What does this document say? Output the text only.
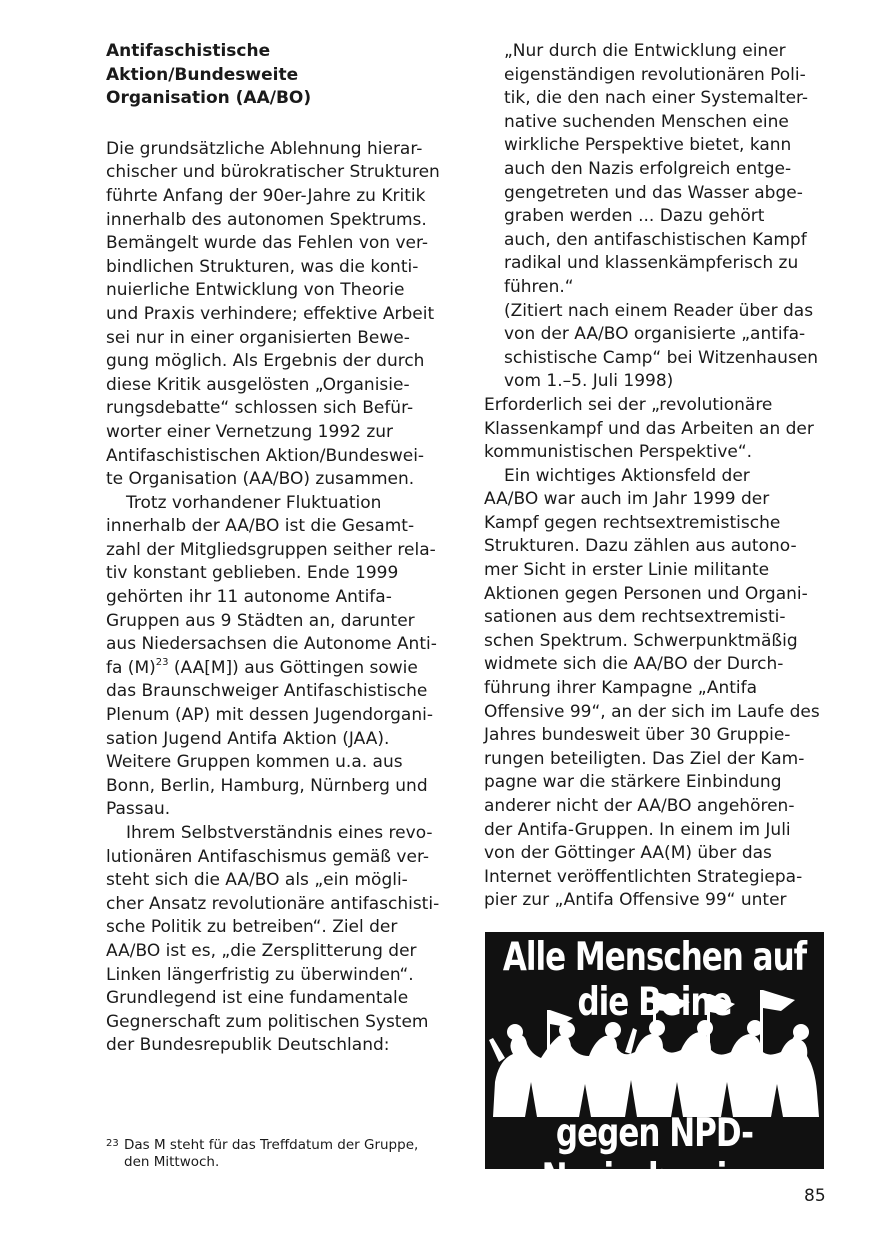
Antifaschistische Aktion/Bundesweite
Organisation (AA/BO)

Die grundsätzliche Ablehnung hierar-
chischer und bürokratischer Strukturen
führte Anfang der 90er-Jahre zu Kritik
innerhalb des autonomen Spektrums.
Bemängelt wurde das Fehlen von ver-
bindlichen Strukturen, was die konti-
nuierliche Entwicklung von Theorie
und Praxis verhindere; effektive Arbeit
sei nur in einer organisierten Bewe-
gung möglich. Als Ergebnis der durch
diese Kritik ausgelösten „Organisie-
rungsdebatte“ schlossen sich Befür-
worter einer Vernetzung 1992 zur
Antifaschistischen Aktion/Bundeswei-
te Organisation (AA/BO) zusammen.

Trotz vorhandener Fluktuation
innerhalb der AA/BO ist die Gesamt-
zahl der Mitgliedsgruppen seither rela-
tiv konstant geblieben. Ende 1999
gehörten ihr 11 autonome Antifa-
Gruppen aus 9 Städten an, darunter
aus Niedersachsen die Autonome Anti-
fa $(M)^{23}$ (AA[M]) aus Göttingen sowie
das Braunschweiger Antifaschistische
Plenum (AP) mit dessen Jugendorgani-
sation Jugend Antifa Aktion (JAA).
Weitere Gruppen kommen u.a. aus
Bonn, Berlin, Hamburg, Nürnberg und
Passau.

Ihrem Selbstverständnis eines revo-
lutionären Antifaschismus gemäß ver-
steht sich die AA/BO als „ein mögli-
cher Ansatz revolutionäre antifaschisti-
sche Politik zu betreiben“. Ziel der
AA/BO ist es, „die Zersplitterung der
Linken längerfristig zu überwinden“.
Grundlegend ist eine fundamentale
Gegnerschaft zum politischen System
der Bundesrepublik Deutschland:

„Nur durch die Entwicklung einer
eigenständigen revolutionären Poli-
tik, die den nach einer Systemalter-
native suchenden Menschen eine
wirkliche Perspektive bietet, kann
auch den Nazis erfolgreich entge-
gengetreten und das Wasser abge-
graben werden ... Dazu gehört
auch, den antifaschistischen Kampf
radikal und klassenkämpferisch zu
führen.“
(Zitiert nach einem Reader über das
von der AA/BO organisierte „antifa-
schistische Camp“ bei Witzenhausen
vom 1.–5. Juli 1998)

Erforderlich sei der „revolutionäre
Klassenkampf und das Arbeiten an der
kommunistischen Perspektive“.

Ein wichtiges Aktionsfeld der
AA/BO war auch im Jahr 1999 der
Kampf gegen rechtsextremistische
Strukturen. Dazu zählen aus autono-
mer Sicht in erster Linie militante
Aktionen gegen Personen und Organi-
sationen aus dem rechtsextremisti-
schen Spektrum. Schwerpunktmäßig
widmete sich die AA/BO der Durch-
führung ihrer Kampagne „Antifa
Offensive 99“, an der sich im Laufe des
Jahres bundesweit über 30 Gruppie-
rungen beteiligten. Das Ziel der Kam-
pagne war die stärkere Einbindung
anderer nicht der AA/BO angehören-
der Antifa-Gruppen. In einem im Juli
von der Göttinger AA(M) über das
Internet veröffentlichten Strategiepa-
pier zur „Antifa Offensive 99“ unter

Alle Menschen auf die Beine
gegen NPD-Nazischweine
23 Das M steht für das Treffdatum der Gruppe,
den Mittwoch.
85
